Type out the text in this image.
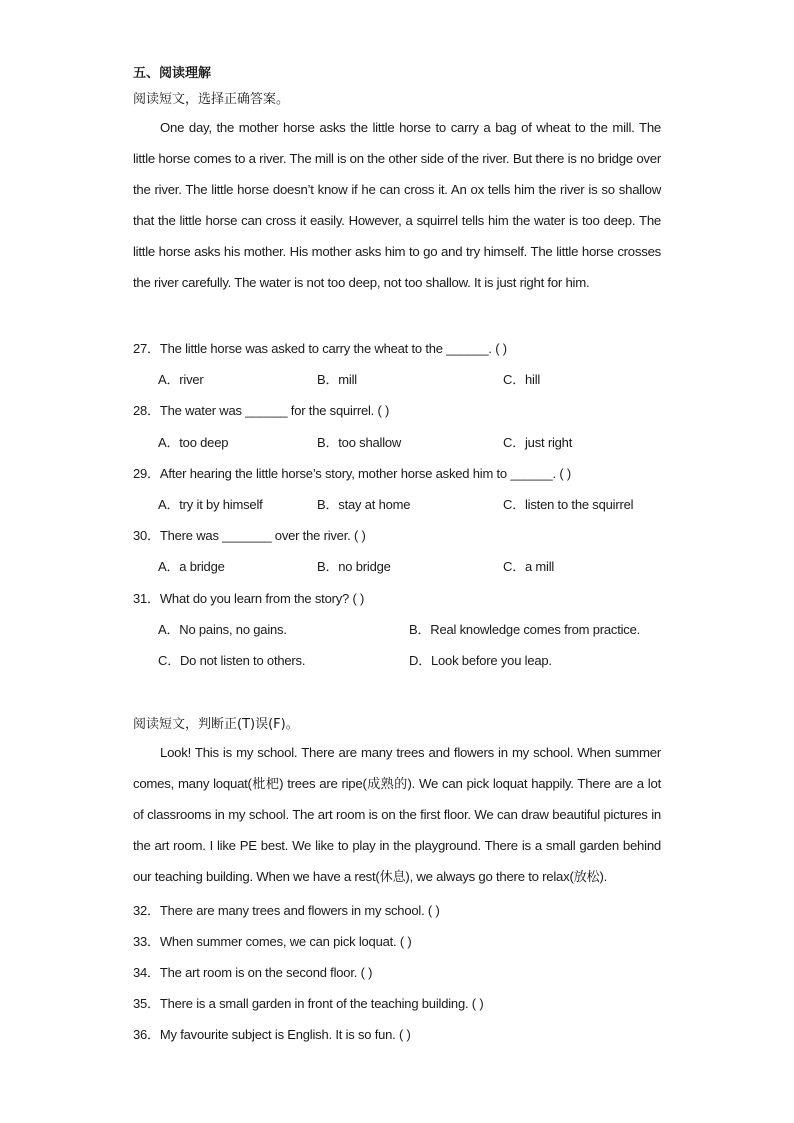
五、阅读理解
阅读短文，选择正确答案。

One day, the mother horse asks the little horse to carry a bag of wheat to the mill. The little horse comes to a river. The mill is on the other side of the river. But there is no bridge over the river. The little horse doesn’t know if he can cross it. An ox tells him the river is so shallow that the little horse can cross it easily. However, a squirrel tells him the water is too deep. The little horse asks his mother. His mother asks him to go and try himself. The little horse crosses the river carefully. The water is not too deep, not too shallow. It is just right for him.

27．The little horse was asked to carry the wheat to the ______. ( )
A．river	B．mill	C．hill
28．The water was ______ for the squirrel. ( )
A．too deep	B．too shallow	C．just right
29．After hearing the little horse’s story, mother horse asked him to ______. ( )
A．try it by himself	B．stay at home	C．listen to the squirrel
30．There was _______ over the river. ( )
A．a bridge	B．no bridge	C．a mill
31．What do you learn from the story? ( )
A．No pains, no gains.	B．Real knowledge comes from practice.
C．Do not listen to others.	D．Look before you leap.
阅读短文，判断正(T)误(F)。

Look! This is my school. There are many trees and flowers in my school. When summer comes, many loquat(枇杷) trees are ripe(成熟的). We can pick loquat happily. There are a lot of classrooms in my school. The art room is on the first floor. We can draw beautiful pictures in the art room. I like PE best. We like to play in the playground. There is a small garden behind our teaching building. When we have a rest(休息), we always go there to relax(放松).

32．There are many trees and flowers in my school. ( )
33．When summer comes, we can pick loquat. ( )
34．The art room is on the second floor. ( )
35．There is a small garden in front of the teaching building. ( )
36．My favourite subject is English. It is so fun. ( )
